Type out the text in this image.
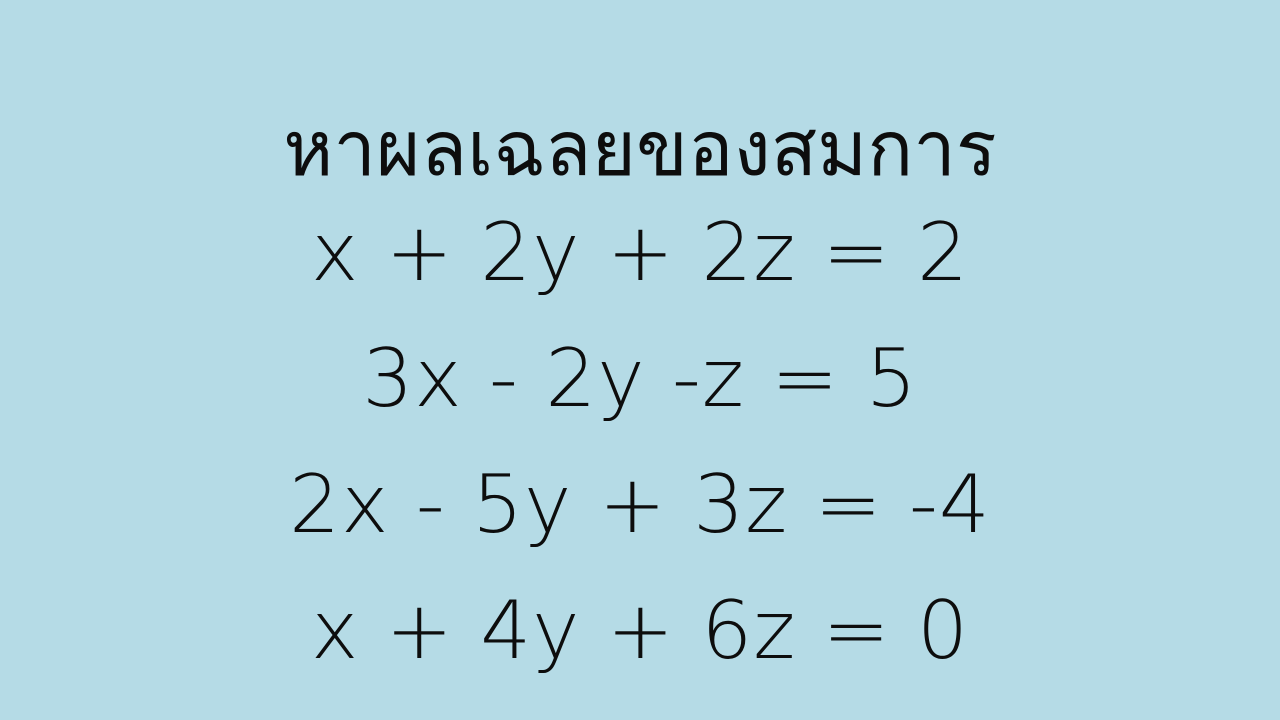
หาผลเฉลยของสมการ
x + 2y + 2z = 2
3x - 2y -z = 5
2x - 5y + 3z = -4
x + 4y + 6z = 0
